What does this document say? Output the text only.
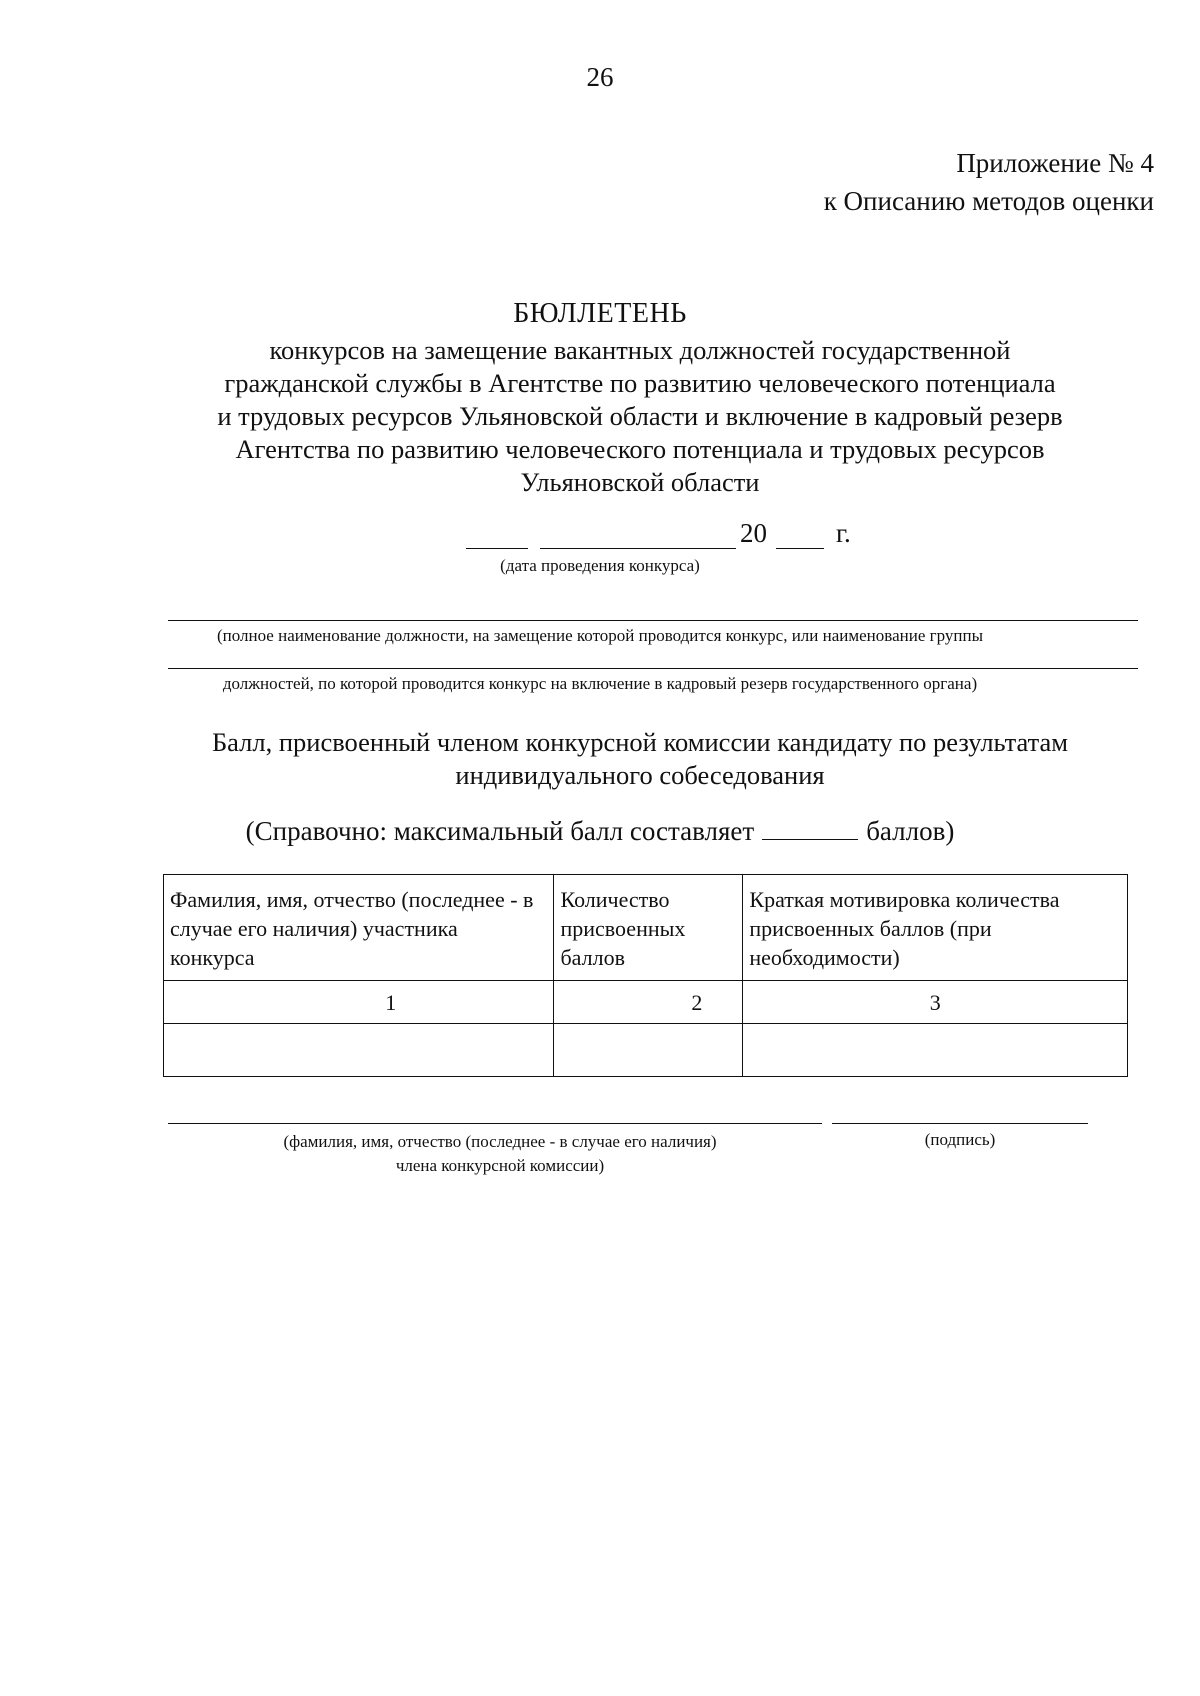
26
Приложение № 4
к Описанию методов оценки
БЮЛЛЕТЕНЬ
конкурсов на замещение вакантных должностей государственной
гражданской службы в Агентстве по развитию человеческого потенциала
и трудовых ресурсов Ульяновской области и включение в кадровый резерв
Агентства по развитию человеческого потенциала и трудовых ресурсов
Ульяновской области
20	г.
(дата проведения конкурса)
(полное наименование должности, на замещение которой проводится конкурс, или наименование группы
должностей, по которой проводится конкурс на включение в кадровый резерв государственного органа)
Балл, присвоенный членом конкурсной комиссии кандидату по результатам
индивидуального собеседования
(Справочно: максимальный балл составляет	баллов)
Фамилия, имя, отчество (последнее - в случае его наличия) участника конкурса	Количество присвоенных баллов	Краткая мотивировка количества присвоенных баллов (при необходимости)
1	2	3

(фамилия, имя, отчество (последнее - в случае его наличия)
члена конкурсной комиссии)
(подпись)
